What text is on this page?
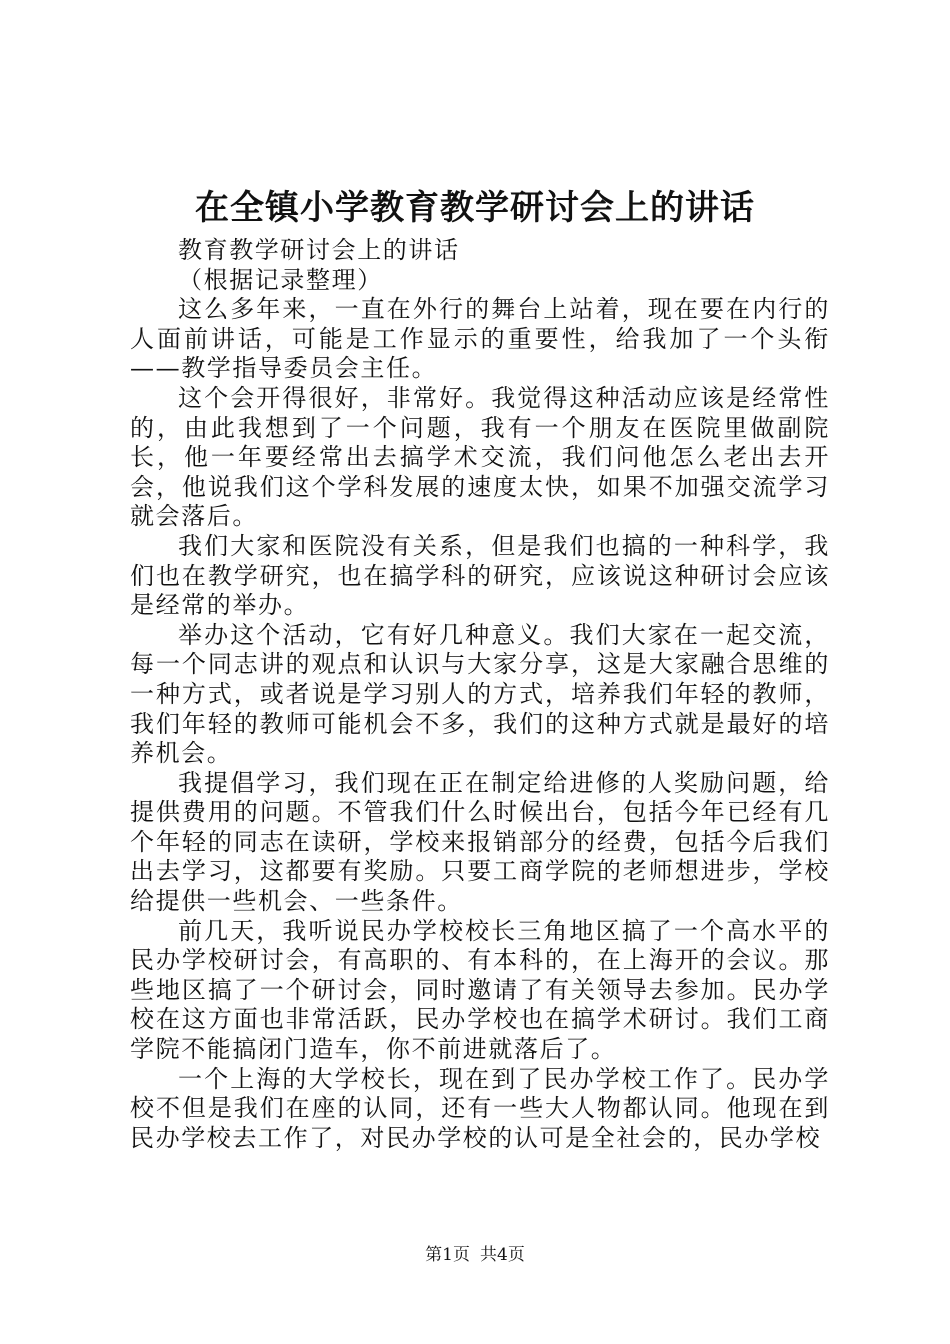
在全镇小学教育教学研讨会上的讲话

教育教学研讨会上的讲话

（根据记录整理）

这么多年来，一直在外行的舞台上站着，现在要在内行的人面前讲话，可能是工作显示的重要性，给我加了一个头衔——教学指导委员会主任。

这个会开得很好，非常好。我觉得这种活动应该是经常性的，由此我想到了一个问题，我有一个朋友在医院里做副院长，他一年要经常出去搞学术交流，我们问他怎么老出去开会，他说我们这个学科发展的速度太快，如果不加强交流学习就会落后。

我们大家和医院没有关系，但是我们也搞的一种科学，我们也在教学研究，也在搞学科的研究，应该说这种研讨会应该是经常的举办。

举办这个活动，它有好几种意义。我们大家在一起交流，每一个同志讲的观点和认识与大家分享，这是大家融合思维的一种方式，或者说是学习别人的方式，培养我们年轻的教师，我们年轻的教师可能机会不多，我们的这种方式就是最好的培养机会。

我提倡学习，我们现在正在制定给进修的人奖励问题，给提供费用的问题。不管我们什么时候出台，包括今年已经有几个年轻的同志在读研，学校来报销部分的经费，包括今后我们出去学习，这都要有奖励。只要工商学院的老师想进步，学校给提供一些机会、一些条件。

前几天，我听说民办学校校长三角地区搞了一个高水平的民办学校研讨会，有高职的、有本科的，在上海开的会议。那些地区搞了一个研讨会，同时邀请了有关领导去参加。民办学校在这方面也非常活跃，民办学校也在搞学术研讨。我们工商学院不能搞闭门造车，你不前进就落后了。

一个上海的大学校长，现在到了民办学校工作了。民办学校不但是我们在座的认同，还有一些大人物都认同。他现在到民办学校去工作了，对民办学校的认可是全社会的，民办学校

第1页 共4页
